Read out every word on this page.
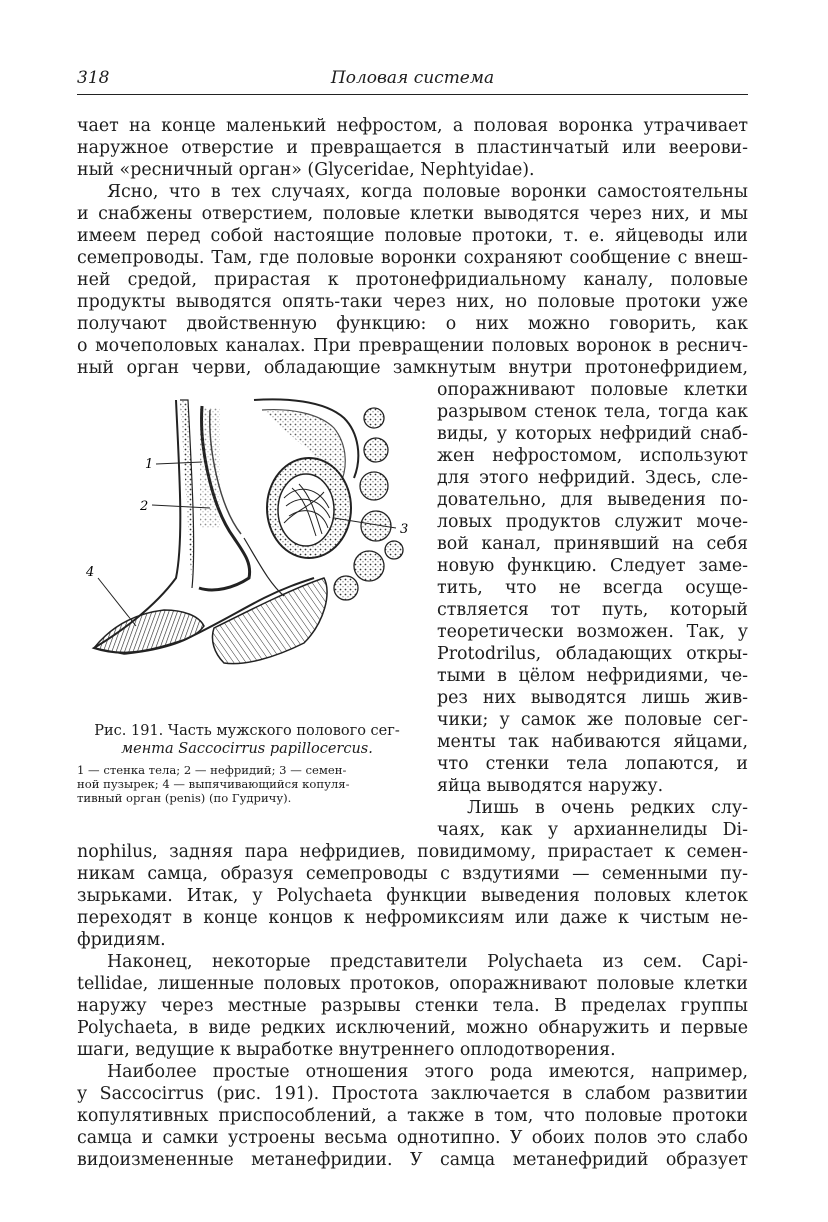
318	Половая система
чает на конце маленький нефростом, а половая воронка утрачивает
наружное отверстие и превращается в пластинчатый или веерови‑
ный «ресничный орган» (Glyceridae, Nephtyidae).
Ясно, что в тех случаях, когда половые воронки самостоятельны
и снабжены отверстием, половые клетки выводятся через них, и мы
имеем перед собой настоящие половые протоки, т. е. яйцеводы или
семепроводы. Там, где половые воронки сохраняют сообщение с внеш-
ней средой, прирастая к протонефридиальному каналу, половые
продукты выводятся опять-таки через них, но половые протоки уже
получают двойственную функцию: о них можно говорить, как
о мочеполовых каналах. При превращении половых воронок в реснич-
ный орган черви, обладающие замкнутым внутри протонефридием,
опоражнивают половые клетки
разрывом стенок тела, тогда как
виды, у которых нефридий снаб-
жен нефростомом, используют
для этого нефридий. Здесь, сле-
довательно, для выведения по-
ловых продуктов служит моче-
вой канал, принявший на себя
новую функцию. Следует заме-
тить, что не всегда осуще-
ствляется тот путь, который
теоретически возможен. Так, у
Protodrilus, обладающих откры-
тыми в цёлом нефридиями, че-
рез них выводятся лишь жив-
чики; у самок же половые сег-
менты так набиваются яйцами,
что стенки тела лопаются, и
яйца выводятся наружу.
Лишь в очень редких слу-
чаях, как у архианнелиды Di-
nophilus, задняя пара нефридиев, повидимому, прирастает к семен-
никам самца, образуя семепроводы с вздутиями — семенными пу-
зырьками. Итак, у Polychaeta функции выведения половых клеток
переходят в конце концов к нефромиксиям или даже к чистым не-
фридиям.
Наконец, некоторые представители Polychaeta из сем. Capi-
tellidae, лишенные половых протоков, опоражнивают половые клетки
наружу через местные разрывы стенки тела. В пределах группы
Polychaeta, в виде редких исключений, можно обнаружить и первые
шаги, ведущие к выработке внутреннего оплодотворения.
Наиболее простые отношения этого рода имеются, например,
у Saccocirrus (рис. 191). Простота заключается в слабом развитии
копулятивных приспособлений, а также в том, что половые протоки
самца и самки устроены весьма однотипно. У обоих полов это слабо
видоизмененные метанефридии. У самца метанефридий образует
1
2
3
4
Рис. 191. Часть мужского полового сег-
мента Saccocirrus papillocercus.
1 — стенка тела; 2 — нефридий; 3 — семен-
ной пузырек; 4 — выпячивающийся копуля-
тивный орган (penis) (по Гудричу).
